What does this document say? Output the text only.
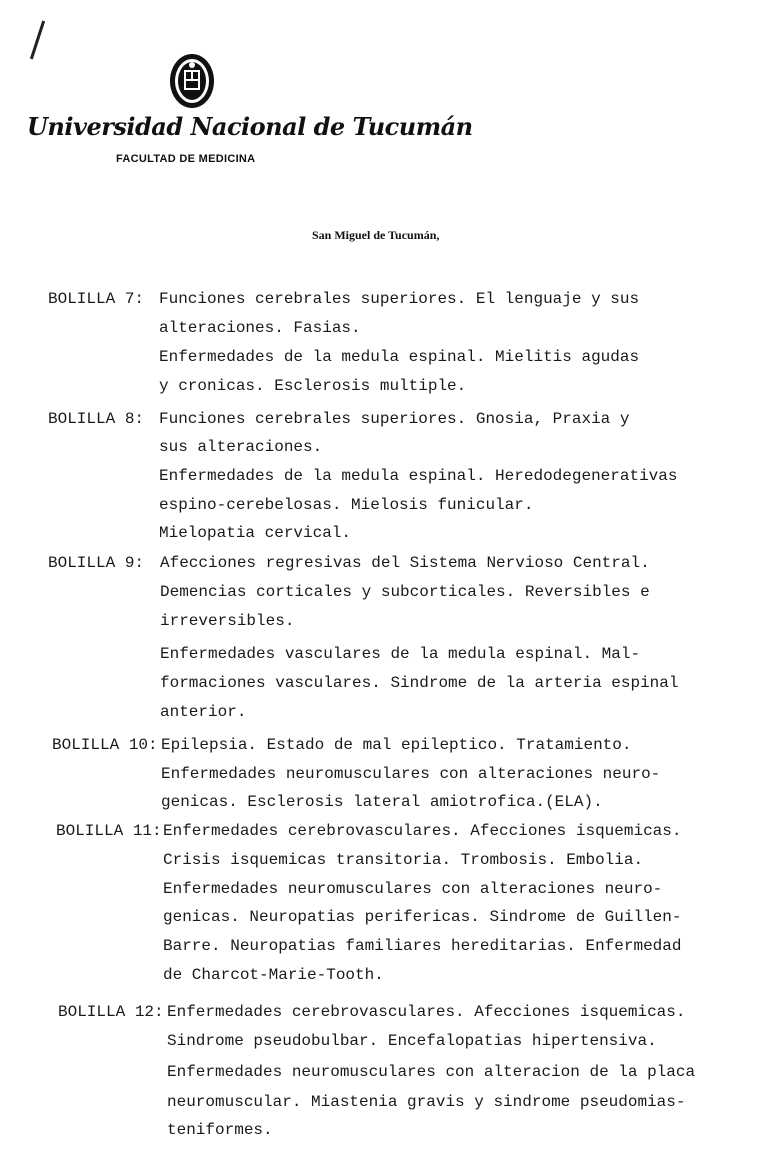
Universidad Nacional de Tucumán
FACULTAD DE MEDICINA
San Miguel de Tucumán,
BOLILLA 7: Funciones cerebrales superiores. El lenguaje y sus
alteraciones. Fasias.
Enfermedades de la medula espinal. Mielitis agudas
y cronicas. Esclerosis multiple.
BOLILLA 8: Funciones cerebrales superiores. Gnosia, Praxia y
sus alteraciones.
Enfermedades de la medula espinal. Heredodegenerativas
espino-cerebelosas. Mielosis funicular.
Mielopatia cervical.
BOLILLA 9: Afecciones regresivas del Sistema Nervioso Central.
Demencias corticales y subcorticales. Reversibles e
irreversibles.
Enfermedades vasculares de la medula espinal. Mal-
formaciones vasculares. Sindrome de la arteria espinal
anterior.
BOLILLA 10: Epilepsia. Estado de mal epileptico. Tratamiento.
Enfermedades neuromusculares con alteraciones neuro-
genicas. Esclerosis lateral amiotrofica.(ELA).
BOLILLA 11: Enfermedades cerebrovasculares. Afecciones isquemicas.
Crisis isquemicas transitoria. Trombosis. Embolia.
Enfermedades neuromusculares con alteraciones neuro-
genicas. Neuropatias perifericas. Sindrome de Guillen-
Barre. Neuropatias familiares hereditarias. Enfermedad
de Charcot-Marie-Tooth.
BOLILLA 12: Enfermedades cerebrovasculares. Afecciones isquemicas.
Sindrome pseudobulbar. Encefalopatias hipertensiva.
Enfermedades neuromusculares con alteracion de la placa
neuromuscular. Miastenia gravis y sindrome pseudomias-
teniformes.
